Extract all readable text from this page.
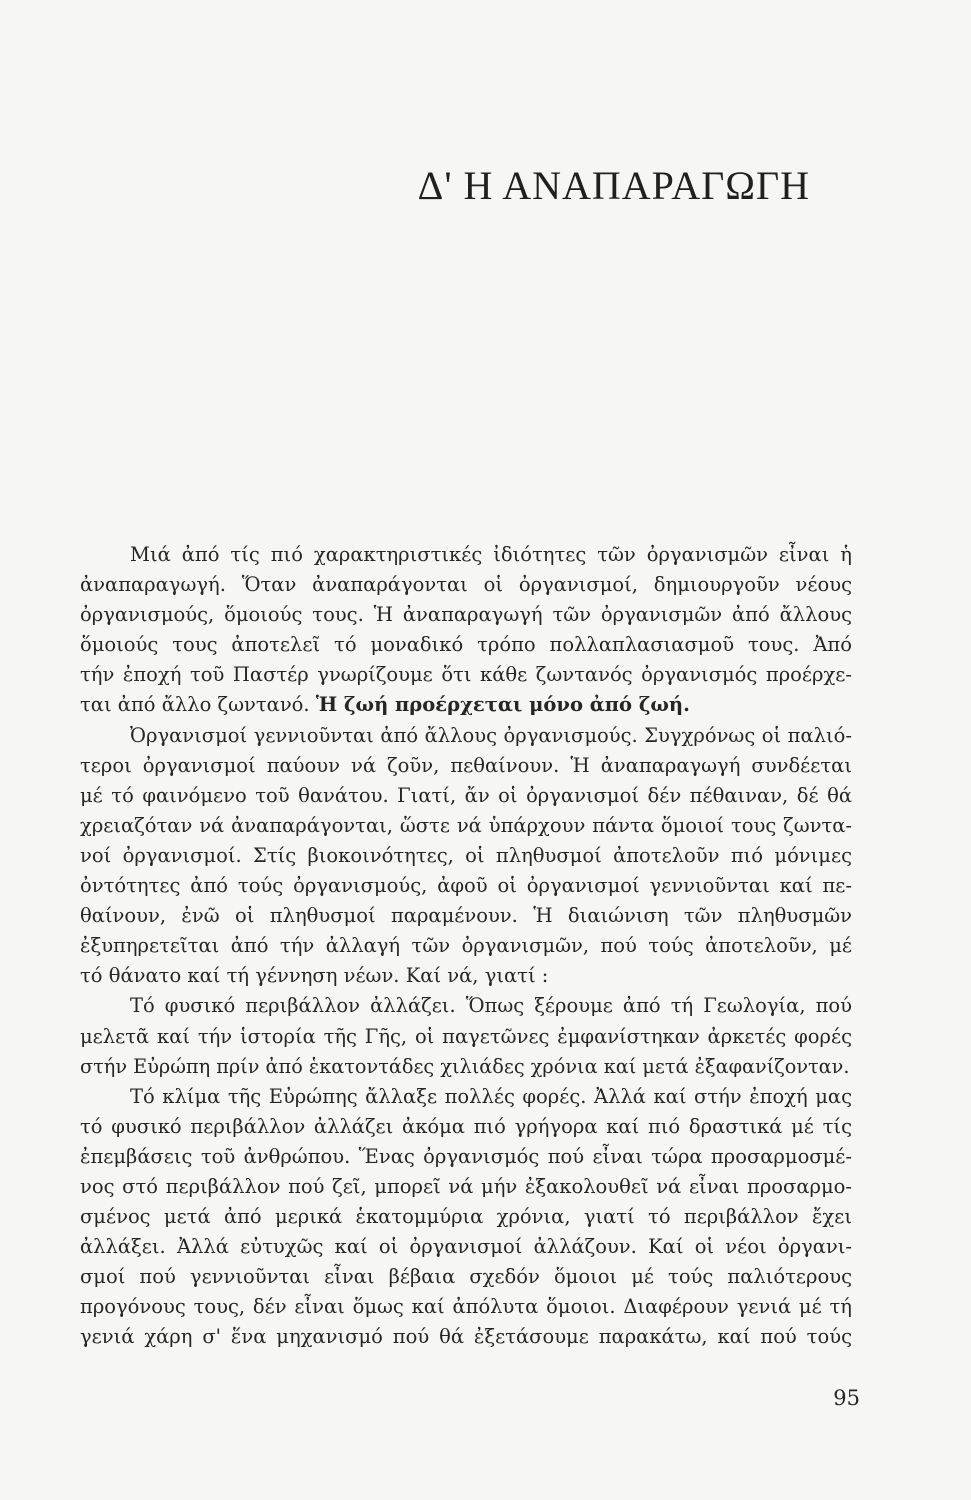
Δ' Η ΑΝΑΠΑΡΑΓΩΓΗ

Μιά ἀπό τίς πιό χαρακτηριστικές ἰδιότητες τῶν ὀργανισμῶν εἶναι ἡ
ἀναπαραγωγή. Ὅταν ἀναπαράγονται οἱ ὀργανισμοί, δημιουργοῦν νέους
ὀργανισμούς, ὅμοιούς τους. Ἡ ἀναπαραγωγή τῶν ὀργανισμῶν ἀπό ἄλλους
ὅμοιούς τους ἀποτελεῖ τό μοναδικό τρόπο πολλαπλασιασμοῦ τους. Ἀπό
τήν ἐποχή τοῦ Παστέρ γνωρίζουμε ὅτι κάθε ζωντανός ὀργανισμός προέρχε-
ται ἀπό ἄλλο ζωντανό. Ἡ ζωή προέρχεται μόνο ἀπό ζωή.

Ὀργανισμοί γεννιοῦνται ἀπό ἄλλους ὀργανισμούς. Συγχρόνως οἱ παλιό-
τεροι ὀργανισμοί παύουν νά ζοῦν, πεθαίνουν. Ἡ ἀναπαραγωγή συνδέεται
μέ τό φαινόμενο τοῦ θανάτου. Γιατί, ἄν οἱ ὀργανισμοί δέν πέθαιναν, δέ θά
χρειαζόταν νά ἀναπαράγονται, ὥστε νά ὑπάρχουν πάντα ὅμοιοί τους ζωντα-
νοί ὀργανισμοί. Στίς βιοκοινότητες, οἱ πληθυσμοί ἀποτελοῦν πιό μόνιμες
ὀντότητες ἀπό τούς ὀργανισμούς, ἀφοῦ οἱ ὀργανισμοί γεννιοῦνται καί πε-
θαίνουν, ἐνῶ οἱ πληθυσμοί παραμένουν. Ἡ διαιώνιση τῶν πληθυσμῶν
ἐξυπηρετεῖται ἀπό τήν ἀλλαγή τῶν ὀργανισμῶν, πού τούς ἀποτελοῦν, μέ
τό θάνατο καί τή γέννηση νέων. Καί νά, γιατί :

Τό φυσικό περιβάλλον ἀλλάζει. Ὅπως ξέρουμε ἀπό τή Γεωλογία, πού
μελετᾶ καί τήν ἱστορία τῆς Γῆς, οἱ παγετῶνες ἐμφανίστηκαν ἀρκετές φορές
στήν Εὐρώπη πρίν ἀπό ἑκατοντάδες χιλιάδες χρόνια καί μετά ἐξαφανίζονταν.

Τό κλίμα τῆς Εὐρώπης ἄλλαξε πολλές φορές. Ἀλλά καί στήν ἐποχή μας
τό φυσικό περιβάλλον ἀλλάζει ἀκόμα πιό γρήγορα καί πιό δραστικά μέ τίς
ἐπεμβάσεις τοῦ ἀνθρώπου. Ἕνας ὀργανισμός πού εἶναι τώρα προσαρμοσμέ-
νος στό περιβάλλον πού ζεῖ, μπορεῖ νά μήν ἐξακολουθεῖ νά εἶναι προσαρμο-
σμένος μετά ἀπό μερικά ἑκατομμύρια χρόνια, γιατί τό περιβάλλον ἔχει
ἀλλάξει. Ἀλλά εὐτυχῶς καί οἱ ὀργανισμοί ἀλλάζουν. Καί οἱ νέοι ὀργανι-
σμοί πού γεννιοῦνται εἶναι βέβαια σχεδόν ὅμοιοι μέ τούς παλιότερους
προγόνους τους, δέν εἶναι ὅμως καί ἀπόλυτα ὅμοιοι. Διαφέρουν γενιά μέ τή
γενιά χάρη σ' ἕνα μηχανισμό πού θά ἐξετάσουμε παρακάτω, καί πού τούς

95
